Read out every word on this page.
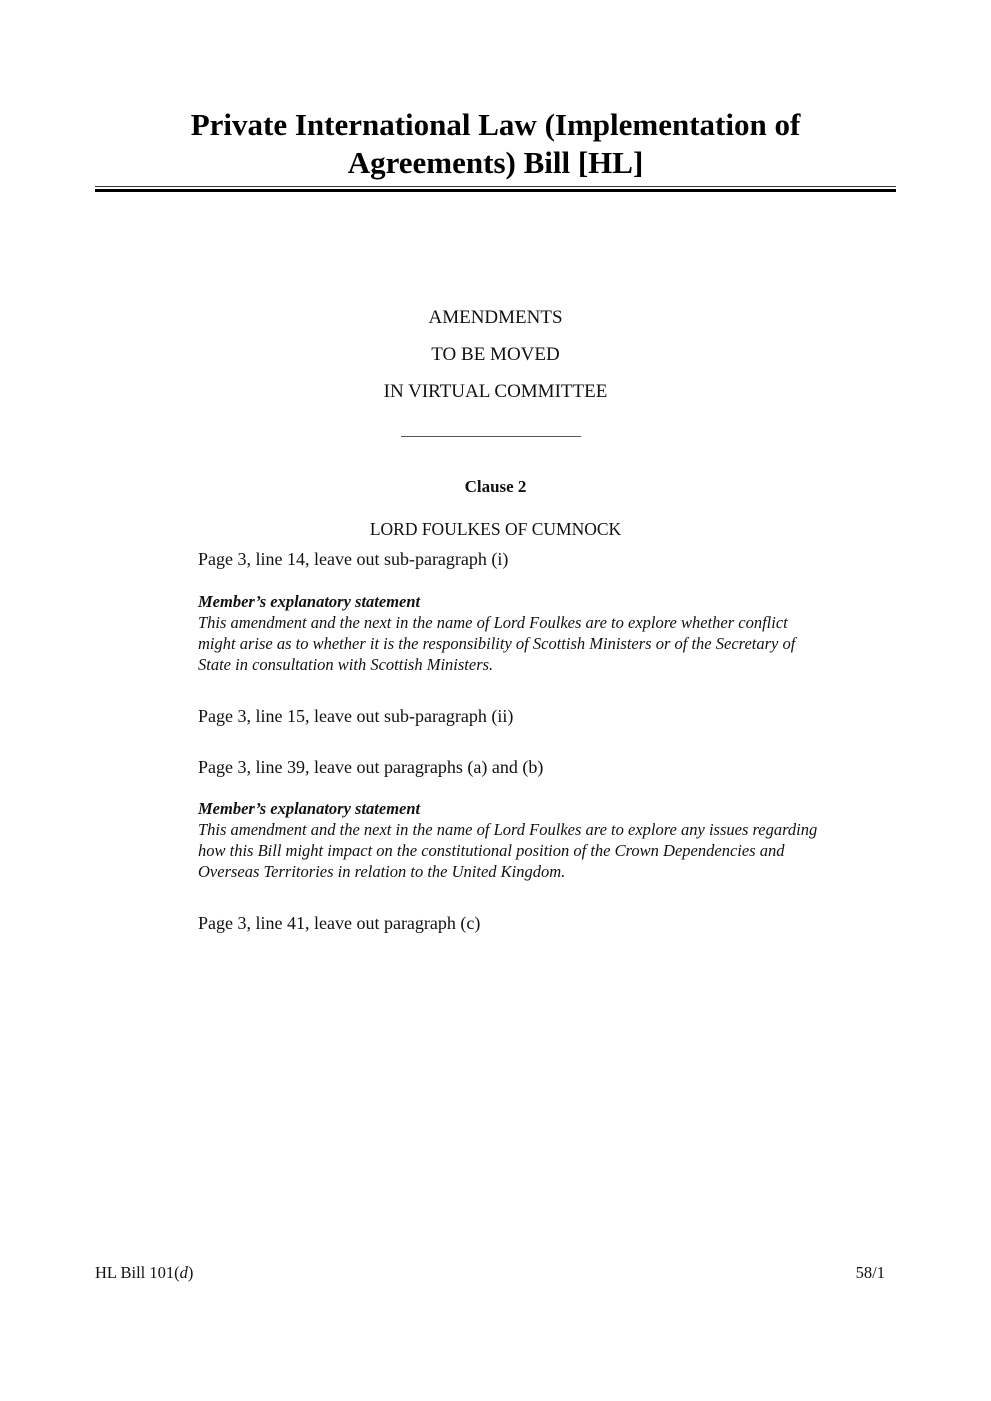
Private International Law (Implementation of
Agreements) Bill [HL]
AMENDMENTS
TO BE MOVED
IN VIRTUAL COMMITTEE
Clause 2
LORD FOULKES OF CUMNOCK
Page 3, line 14, leave out sub-paragraph (i)
Member’s explanatory statement
This amendment and the next in the name of Lord Foulkes are to explore whether conflict
might arise as to whether it is the responsibility of Scottish Ministers or of the Secretary of
State in consultation with Scottish Ministers.
Page 3, line 15, leave out sub-paragraph (ii)
Page 3, line 39, leave out paragraphs (a) and (b)
Member’s explanatory statement
This amendment and the next in the name of Lord Foulkes are to explore any issues regarding
how this Bill might impact on the constitutional position of the Crown Dependencies and
Overseas Territories in relation to the United Kingdom.
Page 3, line 41, leave out paragraph (c)
HL Bill 101(d)	58/1
